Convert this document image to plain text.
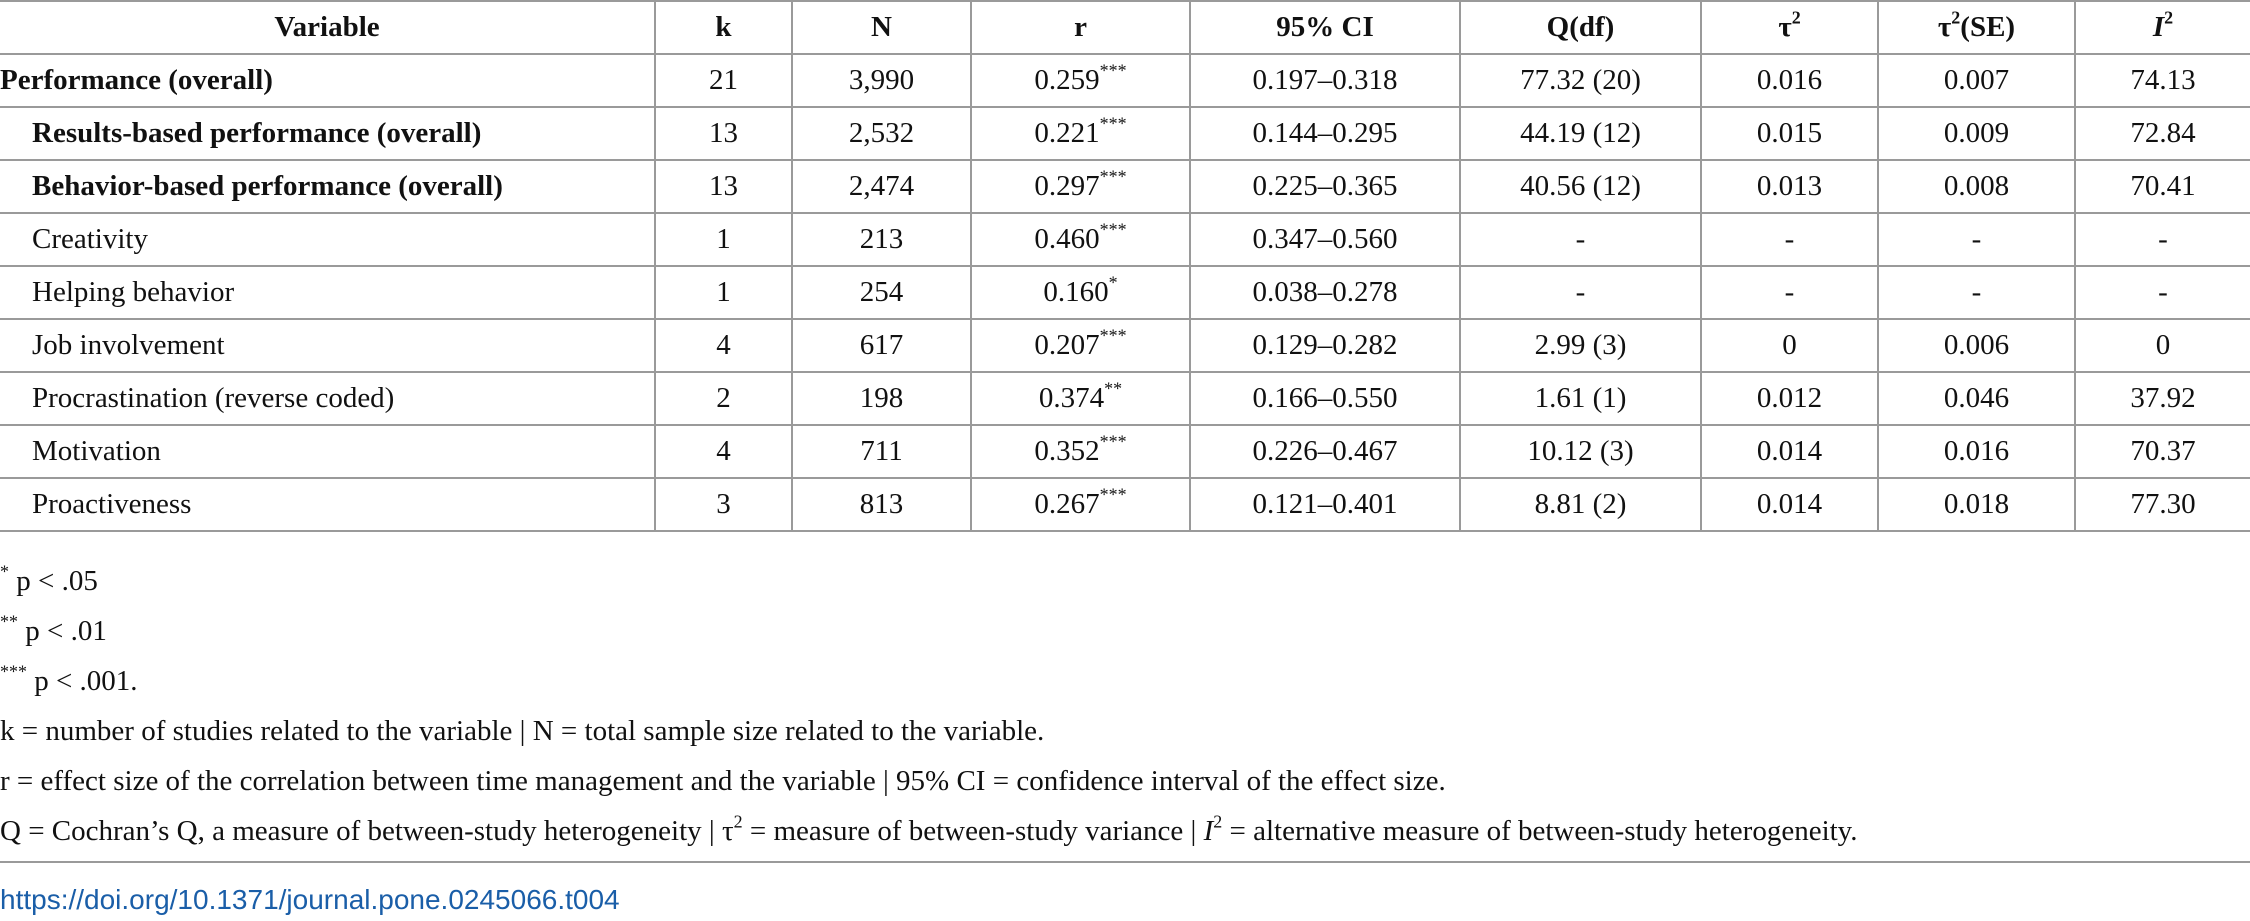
Variable	k	N	r	95% CI	Q(df)	$\tau^2$	$\tau^2(SE)$	$I^2$
Performance (overall)	21	3,990	0.259***	0.197–0.318	77.32 (20)	0.016	0.007	74.13
Results-based performance (overall)	13	2,532	0.221***	0.144–0.295	44.19 (12)	0.015	0.009	72.84
Behavior-based performance (overall)	13	2,474	0.297***	0.225–0.365	40.56 (12)	0.013	0.008	70.41
Creativity	1	213	0.460***	0.347–0.560	-	-	-	-
Helping behavior	1	254	0.160*	0.038–0.278	-	-	-	-
Job involvement	4	617	0.207***	0.129–0.282	2.99 (3)	0	0.006	0
Procrastination (reverse coded)	2	198	0.374**	0.166–0.550	1.61 (1)	0.012	0.046	37.92
Motivation	4	711	0.352***	0.226–0.467	10.12 (3)	0.014	0.016	70.37
Proactiveness	3	813	0.267***	0.121–0.401	8.81 (2)	0.014	0.018	77.30
* p < .05
** p < .01
*** p < .001.
k = number of studies related to the variable | N = total sample size related to the variable.
r = effect size of the correlation between time management and the variable | 95% CI = confidence interval of the effect size.
Q = Cochran’s Q, a measure of between-study heterogeneity | $\tau^2$ = measure of between-study variance | $I^2$ = alternative measure of between-study heterogeneity.
https://doi.org/10.1371/journal.pone.0245066.t004
